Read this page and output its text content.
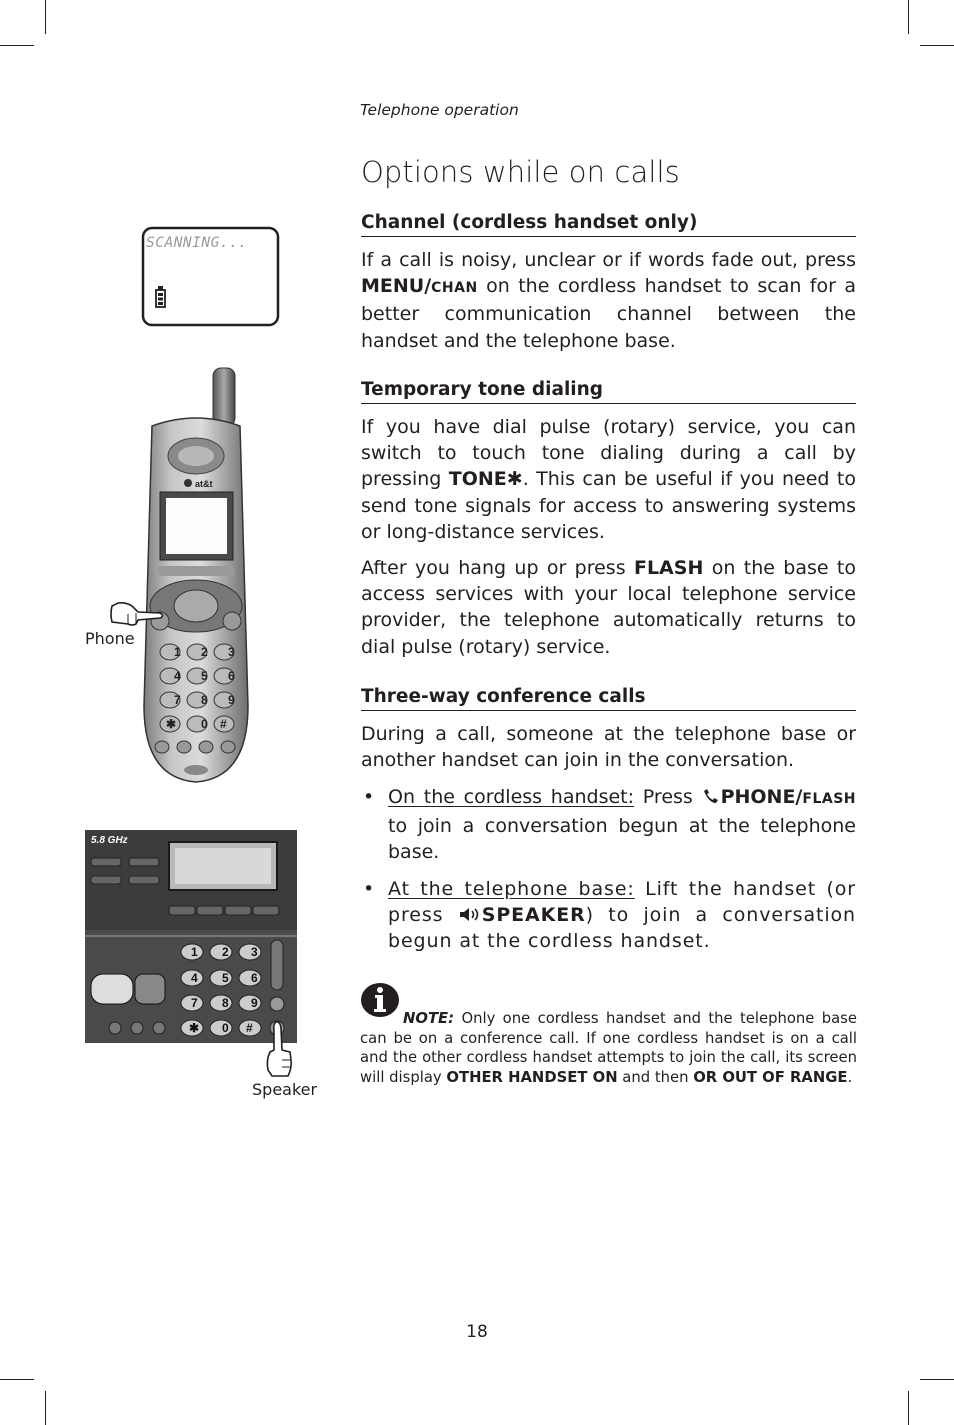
Telephone operation
Options while on calls
SCANNING...
at&t
1 2 3
4 5 6
7 8 9
✱ 0 #
Phone
5.8 GHz
1 2 3
4 5 6
7 8 9
✱ 0 #
Speaker
Channel (cordless handset only)

If a call is noisy, unclear or if words fade out, press MENU/CHAN on the cordless handset to scan for a better communication channel between the handset and the telephone base.

Temporary tone dialing

If you have dial pulse (rotary) service, you can switch to touch tone dialing during a call by pressing TONE✱. This can be useful if you need to send tone signals for access to answering systems or long-distance services.

After you hang up or press FLASH on the base to access services with your local telephone service provider, the telephone automatically returns to dial pulse (rotary) service.

Three-way conference calls

During a call, someone at the telephone base or another handset can join in the conversation.

• On the cordless handset: Press PHONE/FLASH to join a conversation begun at the telephone base.
• At the telephone base: Lift the handset (or press SPEAKER) to join a conversation begun at the cordless handset.

NOTE: Only one cordless handset and the telephone base can be on a conference call. If one cordless handset is on a call and the other cordless handset attempts to join the call, its screen will display OTHER HANDSET ON and then OR OUT OF RANGE.

18
